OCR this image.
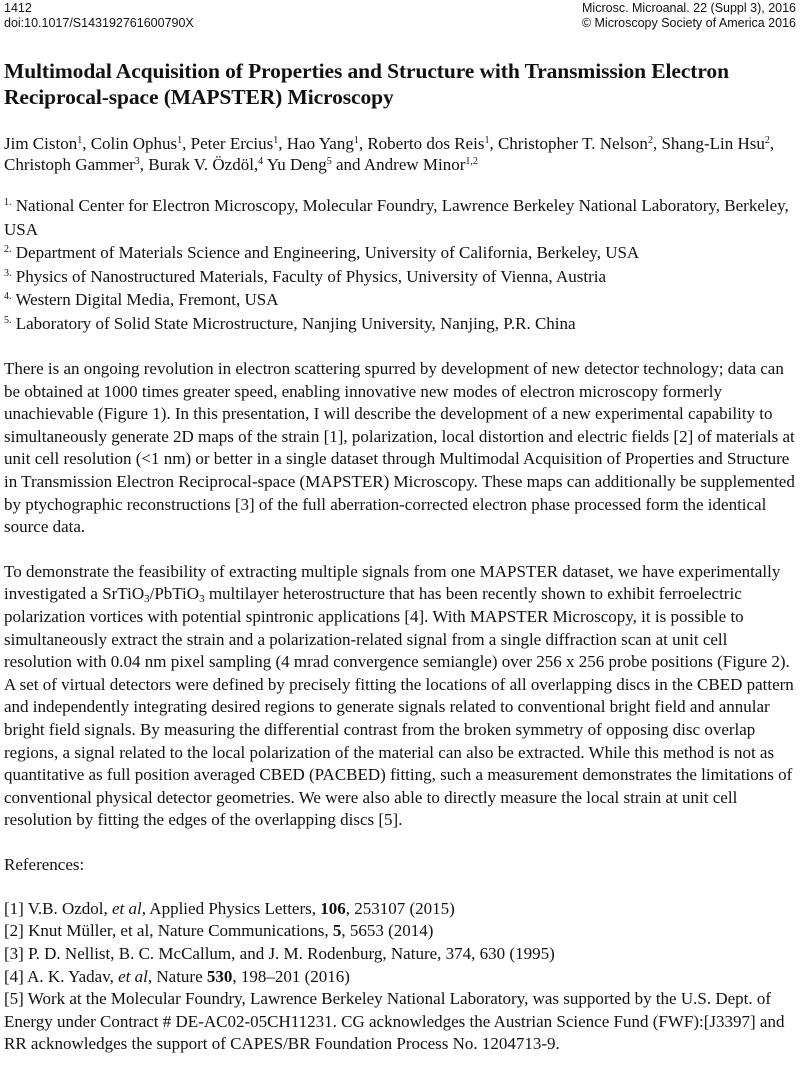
1412
doi:10.1017/S143192761600790X
Microsc. Microanal. 22 (Suppl 3), 2016
© Microscopy Society of America 2016
Multimodal Acquisition of Properties and Structure with Transmission Electron Reciprocal-space (MAPSTER) Microscopy
Jim Ciston$^1$, Colin Ophus$^1$, Peter Ercius$^1$, Hao Yang$^1$, Roberto dos Reis$^1$, Christopher T. Nelson$^2$, Shang-Lin Hsu$^2$, Christoph Gammer$^3$, Burak V. Özdöl,$^4$ Yu Deng$^5$ and Andrew Minor$^{1,2}$
$^{1.}$ National Center for Electron Microscopy, Molecular Foundry, Lawrence Berkeley National Laboratory, Berkeley, USA
$^{2.}$ Department of Materials Science and Engineering, University of California, Berkeley, USA
$^{3.}$ Physics of Nanostructured Materials, Faculty of Physics, University of Vienna, Austria
$^{4.}$ Western Digital Media, Fremont, USA
$^{5.}$ Laboratory of Solid State Microstructure, Nanjing University, Nanjing, P.R. China

There is an ongoing revolution in electron scattering spurred by development of new detector technology; data can be obtained at 1000 times greater speed, enabling innovative new modes of electron microscopy formerly unachievable (Figure 1). In this presentation, I will describe the development of a new experimental capability to simultaneously generate 2D maps of the strain [1], polarization, local distortion and electric fields [2] of materials at unit cell resolution (<1 nm) or better in a single dataset through Multimodal Acquisition of Properties and Structure in Transmission Electron Reciprocal-space (MAPSTER) Microscopy. These maps can additionally be supplemented by ptychographic reconstructions [3] of the full aberration-corrected electron phase processed form the identical source data.

To demonstrate the feasibility of extracting multiple signals from one MAPSTER dataset, we have experimentally investigated a SrTiO$_3$/PbTiO$_3$ multilayer heterostructure that has been recently shown to exhibit ferroelectric polarization vortices with potential spintronic applications [4]. With MAPSTER Microscopy, it is possible to simultaneously extract the strain and a polarization-related signal from a single diffraction scan at unit cell resolution with 0.04 nm pixel sampling (4 mrad convergence semiangle) over 256 x 256 probe positions (Figure 2). A set of virtual detectors were defined by precisely fitting the locations of all overlapping discs in the CBED pattern and independently integrating desired regions to generate signals related to conventional bright field and annular bright field signals. By measuring the differential contrast from the broken symmetry of opposing disc overlap regions, a signal related to the local polarization of the material can also be extracted. While this method is not as quantitative as full position averaged CBED (PACBED) fitting, such a measurement demonstrates the limitations of conventional physical detector geometries. We were also able to directly measure the local strain at unit cell resolution by fitting the edges of the overlapping discs [5].

References:
[1] V.B. Ozdol, et al, Applied Physics Letters, 106, 253107 (2015)
[2] Knut Müller, et al, Nature Communications, 5, 5653 (2014)
[3] P. D. Nellist, B. C. McCallum, and J. M. Rodenburg, Nature, 374, 630 (1995)
[4] A. K. Yadav, et al, Nature 530, 198–201 (2016)
[5] Work at the Molecular Foundry, Lawrence Berkeley National Laboratory, was supported by the U.S. Dept. of Energy under Contract # DE-AC02-05CH11231. CG acknowledges the Austrian Science Fund (FWF):[J3397] and RR acknowledges the support of CAPES/BR Foundation Process No. 1204713-9.
